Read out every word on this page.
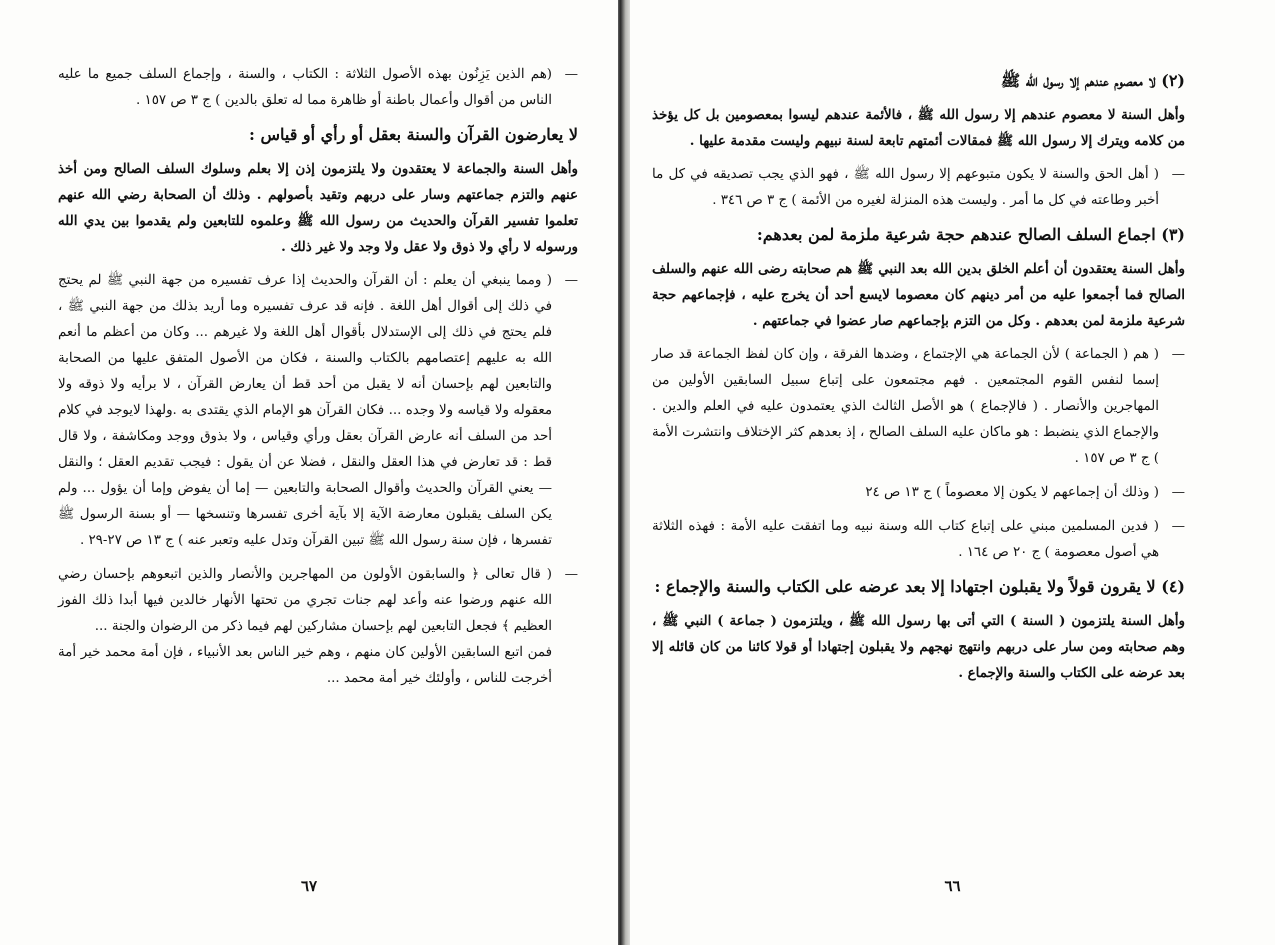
—
(هم الذين يَزِنُون بهذه الأصول الثلاثة : الكتاب ، والسنة ، وإجماع السلف جميع ما عليه الناس من أقوال وأعمال باطنة أو ظاهرة مما له تعلق بالدين ) ج ٣ ص ١٥٧ .

لا يعارضون القرآن والسنة بعقل أو رأي أو قياس :

وأهل السنة والجماعة لا يعتقدون ولا يلتزمون إذن إلا بعلم وسلوك السلف الصالح ومن أخذ عنهم والتزم جماعتهم وسار على دربهم وتقيد بأصولهم . وذلك أن الصحابة رضي الله عنهم تعلموا تفسير القرآن والحديث من رسول الله ﷺ وعلموه للتابعين ولم يقدموا بين يدي الله ورسوله لا رأي ولا ذوق ولا عقل ولا وجد ولا غير ذلك .

—
( ومما ينبغي أن يعلم : أن القرآن والحديث إذا عرف تفسيره من جهة النبي ﷺ لم يحتج في ذلك إلى أقوال أهل اللغة . فإنه قد عرف تفسيره وما أريد بذلك من جهة النبي ﷺ ، فلم يحتج في ذلك إلى الإستدلال بأقوال أهل اللغة ولا غيرهم ... وكان من أعظم ما أنعم الله به عليهم إعتصامهم بالكتاب والسنة ، فكان من الأصول المتفق عليها من الصحابة والتابعين لهم بإحسان أنه لا يقبل من أحد قط أن يعارض القرآن ، لا برأيه ولا ذوقه ولا معقوله ولا قياسه ولا وجده ... فكان القرآن هو الإمام الذي يقتدى به .ولهذا لايوجد في كلام أحد من السلف أنه عارض القرآن بعقل ورأي وقياس ، ولا بذوق ووجد ومكاشفة ، ولا قال قط : قد تعارض في هذا العقل والنقل ، فضلا عن أن يقول : فيجب تقديم العقل ؛ والنقل — يعني القرآن والحديث وأقوال الصحابة والتابعين — إما أن يفوض وإما أن يؤول ... ولم يكن السلف يقبلون معارضة الآية إلا بآية أخرى تفسرها وتنسخها — أو بسنة الرسول ﷺ تفسرها ، فإن سنة رسول الله ﷺ تبين القرآن وتدل عليه وتعبر عنه ) ج ١٣ ص ٢٧-٢٩ .

—
( قال تعالى ﴿ والسابقون الأولون من المهاجرين والأنصار والذين اتبعوهم بإحسان رضي الله عنهم ورضوا عنه وأعد لهم جنات تجري من تحتها الأنهار خالدين فيها أبدا ذلك الفوز العظيم ﴾ فجعل التابعين لهم بإحسان مشاركين لهم فيما ذكر من الرضوان والجنة ...

فمن اتبع السابقين الأولين كان منهم ، وهم خير الناس بعد الأنبياء ، فإن أمة محمد خير أمة أخرجت للناس ، وأولئك خير أمة محمد ...

٦٧

(٢) لا معصوم عندهم إلا رسول الله ﷺ

وأهل السنة لا معصوم عندهم إلا رسول الله ﷺ ، فالأئمة عندهم ليسوا بمعصومين بل كل يؤخذ من كلامه ويترك إلا رسول الله ﷺ فمقالات أئمتهم تابعة لسنة نبيهم وليست مقدمة عليها .

—
( أهل الحق والسنة لا يكون متبوعهم إلا رسول الله ﷺ ، فهو الذي يجب تصديقه في كل ما أخبر وطاعته في كل ما أمر . وليست هذه المنزلة لغيره من الأئمة ) ج ٣ ص ٣٤٦ .

(٣) اجماع السلف الصالح عندهم حجة شرعية ملزمة لمن بعدهم:

وأهل السنة يعتقدون أن أعلم الخلق بدين الله بعد النبي ﷺ هم صحابته رضى الله عنهم والسلف الصالح فما أجمعوا عليه من أمر دينهم كان معصوما لايسع أحد أن يخرج عليه ، فإجماعهم حجة شرعية ملزمة لمن بعدهم . وكل من التزم بإجماعهم صار عضوا في جماعتهم .

—
( هم ( الجماعة ) لأن الجماعة هي الإجتماع ، وضدها الفرقة ، وإن كان لفظ الجماعة قد صار إسما لنفس القوم المجتمعين . فهم مجتمعون على إتباع سبيل السابقين الأولين من المهاجرين والأنصار . ( فالإجماع ) هو الأصل الثالث الذي يعتمدون عليه في العلم والدين . والإجماع الذي ينضبط : هو ماكان عليه السلف الصالح ، إذ بعدهم كثر الإختلاف وانتشرت الأمة ) ج ٣ ص ١٥٧ .

—
( وذلك أن إجماعهم لا يكون إلا معصوماً ) ج ١٣ ص ٢٤

—
( فدين المسلمين مبني على إتباع كتاب الله وسنة نبيه وما اتفقت عليه الأمة : فهذه الثلاثة هي أصول معصومة ) ج ٢٠ ص ١٦٤ .

(٤) لا يقرون قولاً ولا يقبلون اجتهادا إلا بعد عرضه على الكتاب والسنة والإجماع :

وأهل السنة يلتزمون ( السنة ) التي أتى بها رسول الله ﷺ ، ويلتزمون ( جماعة ) النبي ﷺ ، وهم صحابته ومن سار على دربهم وانتهج نهجهم ولا يقبلون إجتهادا أو قولا كائنا من كان قائله إلا بعد عرضه على الكتاب والسنة والإجماع .

٦٦
